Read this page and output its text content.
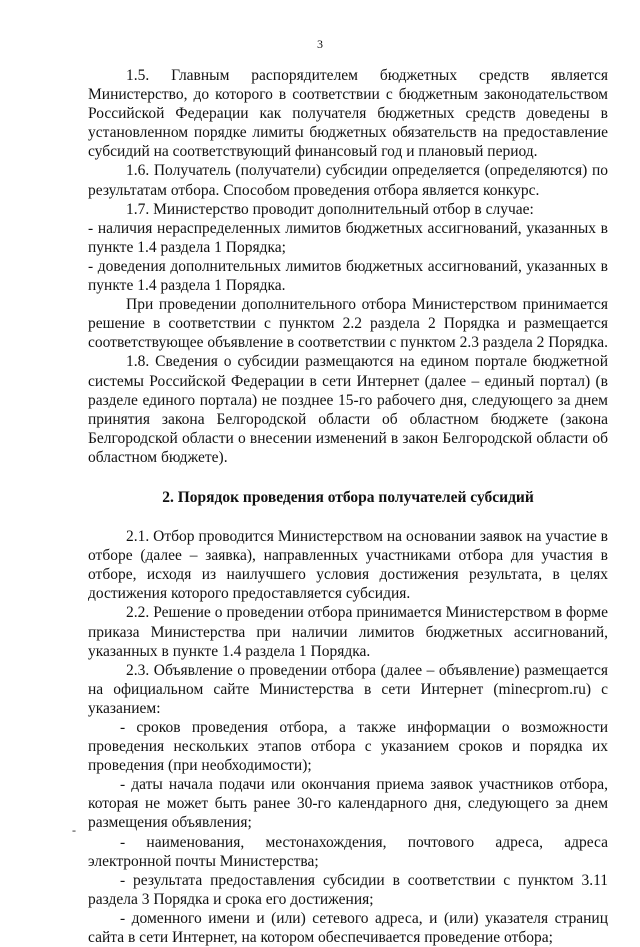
3

1.5. Главным распорядителем бюджетных средств является Министерство, до которого в соответствии с бюджетным законодательством Российской Федерации как получателя бюджетных средств доведены в установленном порядке лимиты бюджетных обязательств на предоставление субсидий на соответствующий финансовый год и плановый период.

1.6. Получатель (получатели) субсидии определяется (определяются) по результатам отбора. Способом проведения отбора является конкурс.

1.7. Министерство проводит дополнительный отбор в случае:

- наличия нераспределенных лимитов бюджетных ассигнований, указанных в пункте 1.4 раздела 1 Порядка;

- доведения дополнительных лимитов бюджетных ассигнований, указанных в пункте 1.4 раздела 1 Порядка.

При проведении дополнительного отбора Министерством принимается решение в соответствии с пунктом 2.2 раздела 2 Порядка и размещается соответствующее объявление в соответствии с пунктом 2.3 раздела 2 Порядка.

1.8. Сведения о субсидии размещаются на едином портале бюджетной системы Российской Федерации в сети Интернет (далее – единый портал) (в разделе единого портала) не позднее 15-го рабочего дня, следующего за днем принятия закона Белгородской области об областном бюджете (закона Белгородской области о внесении изменений в закон Белгородской области об областном бюджете).

2. Порядок проведения отбора получателей субсидий

2.1. Отбор проводится Министерством на основании заявок на участие в отборе (далее – заявка), направленных участниками отбора для участия в отборе, исходя из наилучшего условия достижения результата, в целях достижения которого предоставляется субсидия.

2.2. Решение о проведении отбора принимается Министерством в форме приказа Министерства при наличии лимитов бюджетных ассигнований, указанных в пункте 1.4 раздела 1 Порядка.

2.3. Объявление о проведении отбора (далее – объявление) размещается на официальном сайте Министерства в сети Интернет (minecprom.ru) с указанием:

- сроков проведения отбора, а также информации о возможности проведения нескольких этапов отбора с указанием сроков и порядка их проведения (при необходимости);

- даты начала подачи или окончания приема заявок участников отбора, которая не может быть ранее 30-го календарного дня, следующего за днем размещения объявления;

- наименования, местонахождения, почтового адреса, адреса электронной почты Министерства;

- результата предоставления субсидии в соответствии с пунктом 3.11 раздела 3 Порядка и срока его достижения;

- доменного имени и (или) сетевого адреса, и (или) указателя страниц сайта в сети Интернет, на котором обеспечивается проведение отбора;

-
